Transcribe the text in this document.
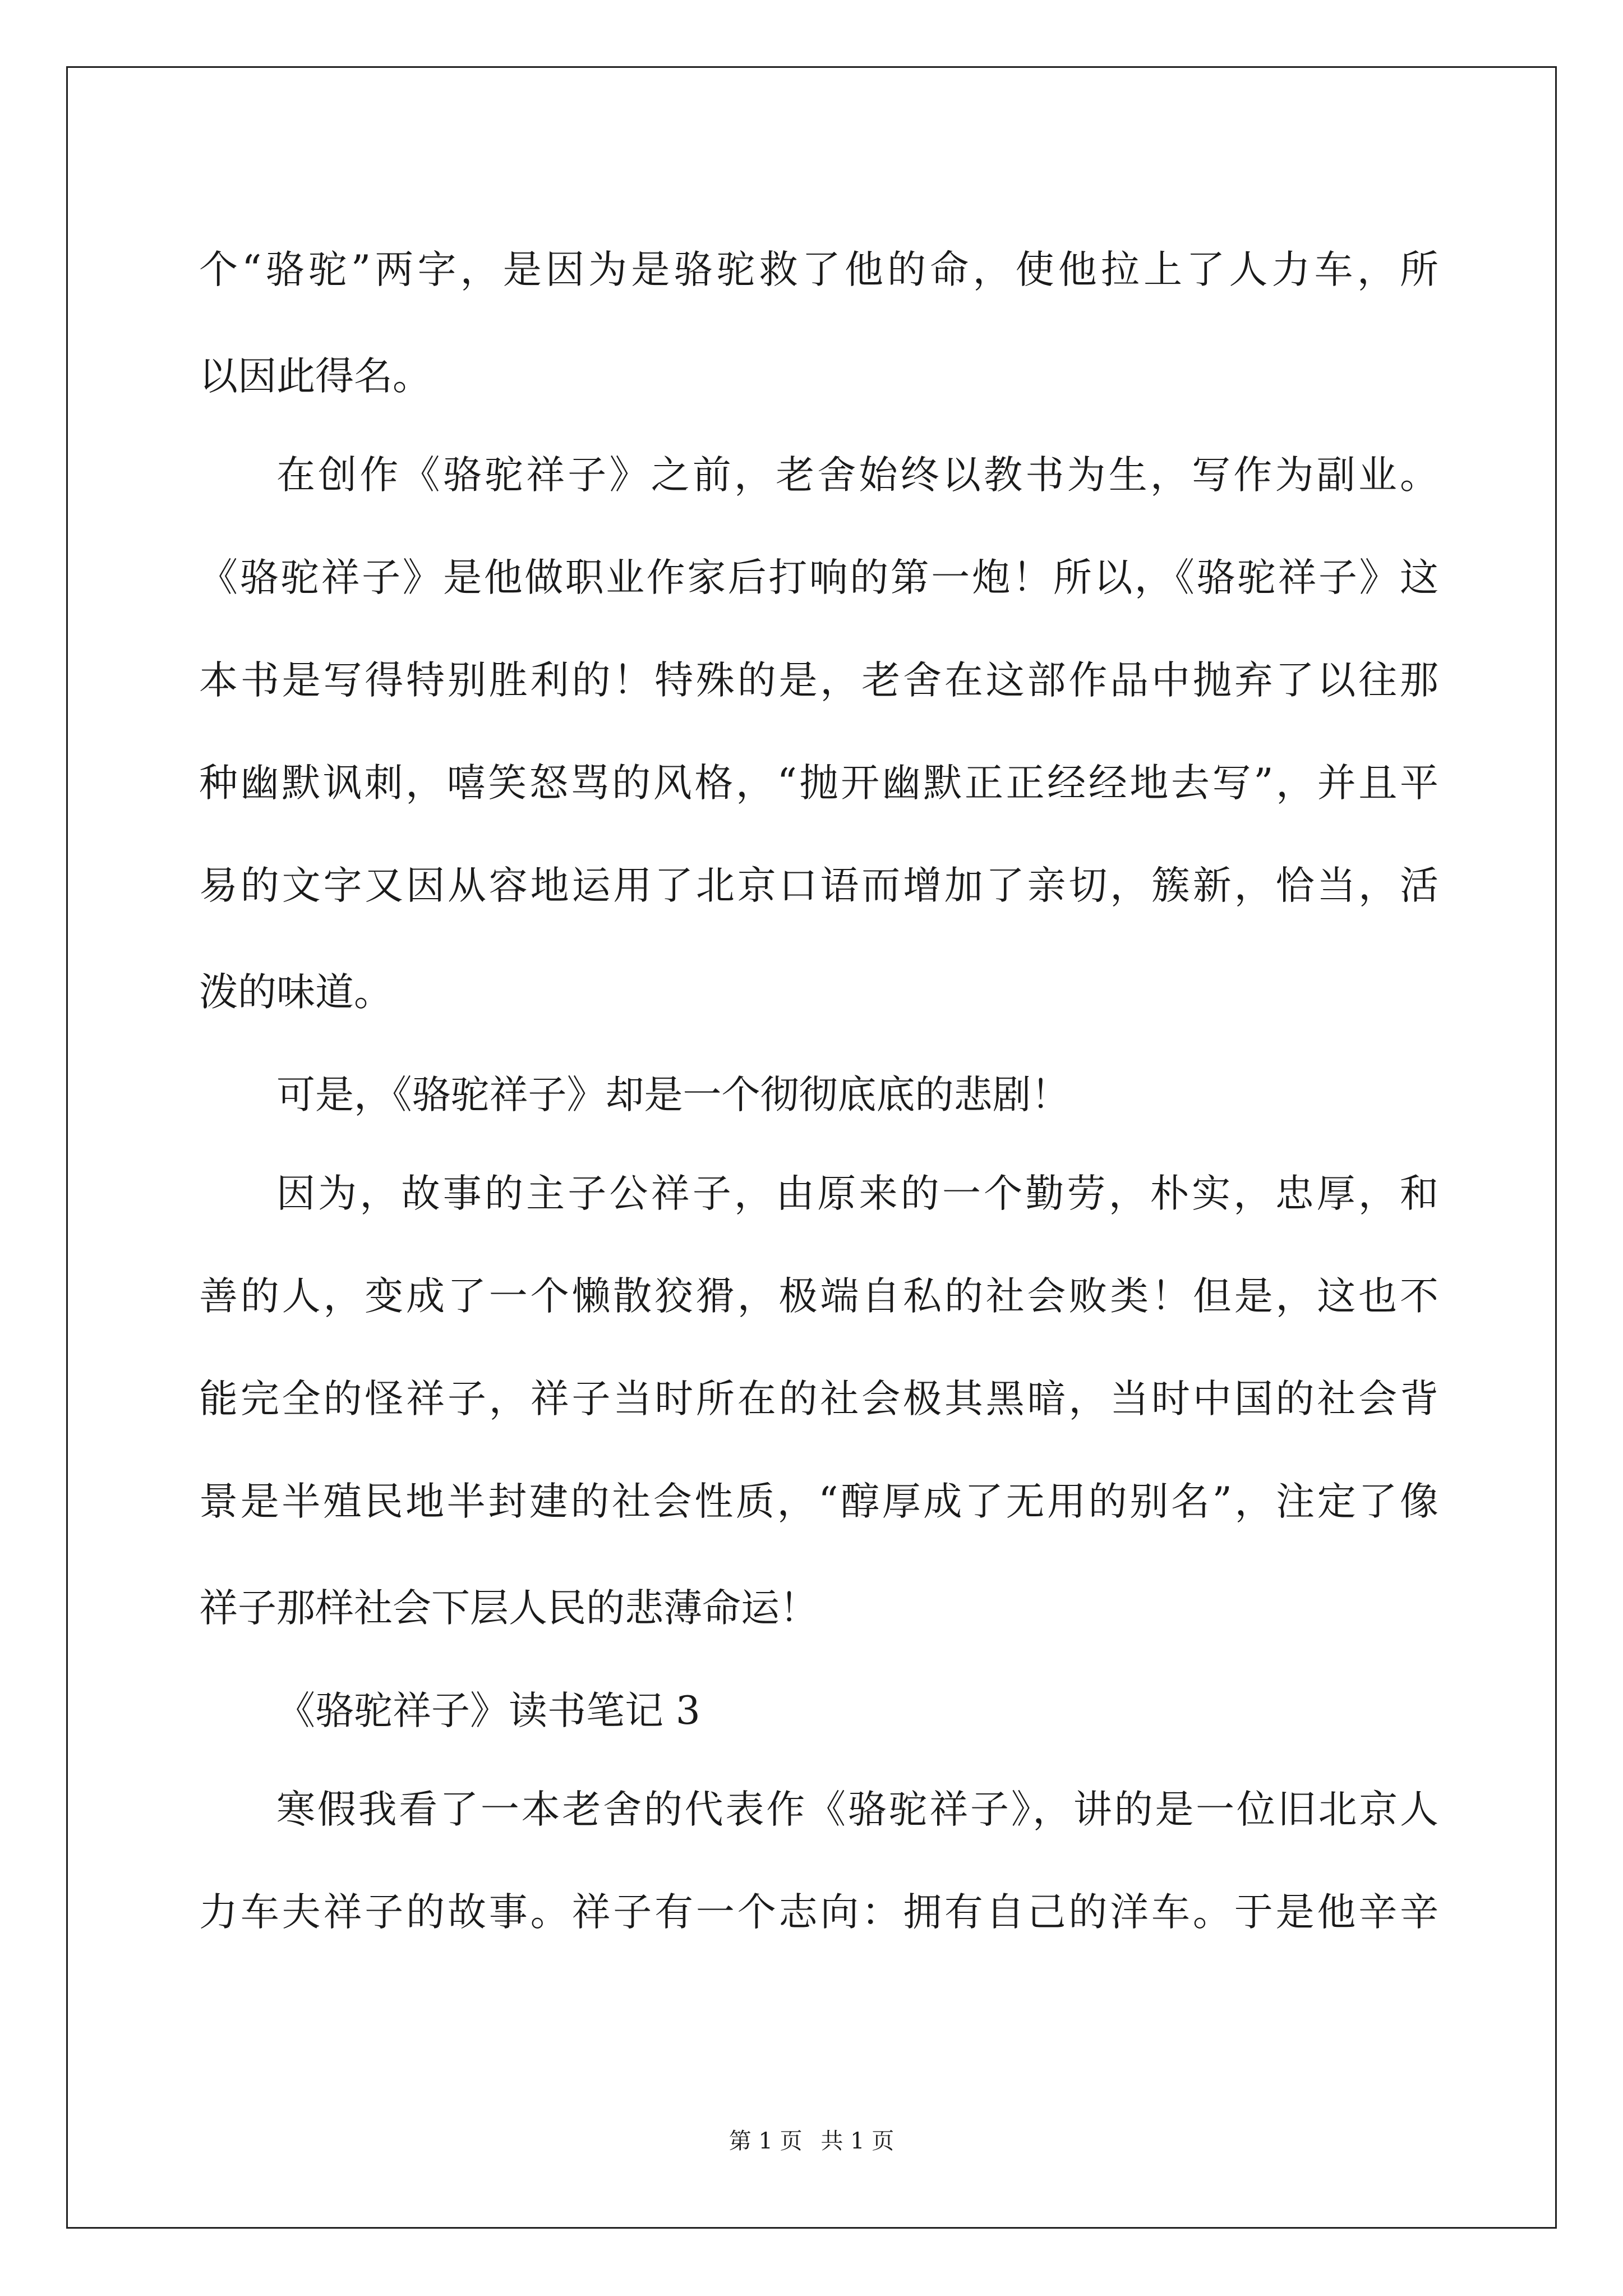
个“骆驼”两字，是因为是骆驼救了他的命，使他拉上了人力车，所
以因此得名。
在创作《骆驼祥子》之前，老舍始终以教书为生，写作为副业。
《骆驼祥子》是他做职业作家后打响的第一炮！所以，《骆驼祥子》这
本书是写得特别胜利的！特殊的是，老舍在这部作品中抛弃了以往那
种幽默讽刺，嘻笑怒骂的风格，“抛开幽默正正经经地去写”，并且平
易的文字又因从容地运用了北京口语而增加了亲切，簇新，恰当，活
泼的味道。
可是，《骆驼祥子》却是一个彻彻底底的悲剧！
因为，故事的主子公祥子，由原来的一个勤劳，朴实，忠厚，和
善的人，变成了一个懒散狡猾，极端自私的社会败类！但是，这也不
能完全的怪祥子，祥子当时所在的社会极其黑暗，当时中国的社会背
景是半殖民地半封建的社会性质，“醇厚成了无用的别名”，注定了像
祥子那样社会下层人民的悲薄命运！
《骆驼祥子》读书笔记 3
寒假我看了一本老舍的代表作《骆驼祥子》，讲的是一位旧北京人
力车夫祥子的故事。祥子有一个志向：拥有自己的洋车。于是他辛辛
第 1 页 共 1 页
